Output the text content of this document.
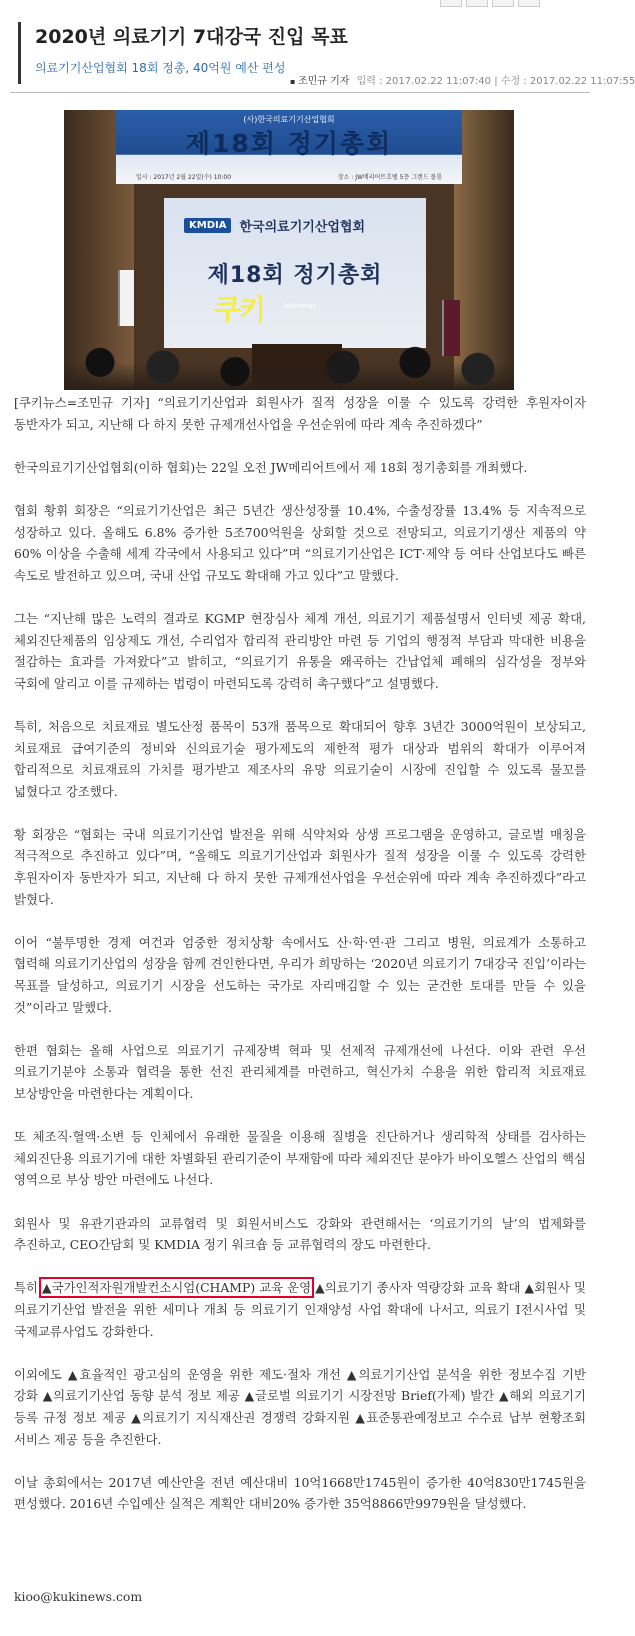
2020년 의료기기 7대강국 진입 목표
의료기기산업협회 18회 정총, 40억원 예산 편성
▪ 조민규 기자 입력 : 2017.02.22 11:07:40 | 수정 : 2017.02.22 11:07:55
(사)한국의료기기산업협회
제18회 정기총회
일시 : 2017년 2월 22일(수) 10:00	장소 : JW메리어트호텔 5층 그랜드 볼룸
KMDIA	한국의료기기산업협회
제18회 정기총회
쿠키	kukinews

[쿠키뉴스=조민규 기자] “의료기기산업과 회원사가 질적 성장을 이룰 수 있도록 강력한 후원자이자 동반자가 되고, 지난해 다 하지 못한 규제개선사업을 우선순위에 따라 계속 추진하겠다”

한국의료기기산업협회(이하 협회)는 22일 오전 JW메리어트에서 제 18회 정기총회를 개최했다.

협회 황휘 회장은 “의료기기산업은 최근 5년간 생산성장률 10.4%, 수출성장률 13.4% 등 지속적으로 성장하고 있다. 올해도 6.8% 증가한 5조700억원을 상회할 것으로 전망되고, 의료기기생산 제품의 약 60% 이상을 수출해 세계 각국에서 사용되고 있다”며 “의료기기산업은 ICT·제약 등 여타 산업보다도 빠른 속도로 발전하고 있으며, 국내 산업 규모도 확대해 가고 있다”고 말했다.

그는 “지난해 많은 노력의 결과로 KGMP 현장심사 체계 개선, 의료기기 제품설명서 인터넷 제공 확대, 체외진단제품의 임상제도 개선, 수리업자 합리적 관리방안 마련 등 기업의 행정적 부담과 막대한 비용을 절감하는 효과를 가져왔다”고 밝히고, “의료기기 유통을 왜곡하는 간납업체 폐해의 심각성을 정부와 국회에 알리고 이를 규제하는 법령이 마련되도록 강력히 촉구했다”고 설명했다.

특히, 처음으로 치료재료 별도산정 품목이 53개 품목으로 확대되어 향후 3년간 3000억원이 보상되고, 치료재료 급여기준의 정비와 신의료기술 평가제도의 제한적 평가 대상과 범위의 확대가 이루어져 합리적으로 치료재료의 가치를 평가받고 제조사의 유망 의료기술이 시장에 진입할 수 있도록 물꼬를 넓혔다고 강조했다.

황 회장은 “협회는 국내 의료기기산업 발전을 위해 식약처와 상생 프로그램을 운영하고, 글로벌 매칭을 적극적으로 추진하고 있다”며, “올해도 의료기기산업과 회원사가 질적 성장을 이룰 수 있도록 강력한 후원자이자 동반자가 되고, 지난해 다 하지 못한 규제개선사업을 우선순위에 따라 계속 추진하겠다”라고 밝혔다.

이어 “불투명한 경제 여건과 엄중한 정치상황 속에서도 산·학·연·관 그리고 병원, 의료계가 소통하고 협력해 의료기기산업의 성장을 함께 견인한다면, 우리가 희망하는 ‘2020년 의료기기 7대강국 진입’이라는 목표를 달성하고, 의료기기 시장을 선도하는 국가로 자리매김할 수 있는 굳건한 토대를 만들 수 있을 것”이라고 말했다.

한편 협회는 올해 사업으로 의료기기 규제장벽 혁파 및 선제적 규제개선에 나선다. 이와 관련 우선 의료기기분야 소통과 협력을 통한 선진 관리체계를 마련하고, 혁신가치 수용을 위한 합리적 치료재료 보상방안을 마련한다는 계획이다.

또 체조직·혈액·소변 등 인체에서 유래한 물질을 이용해 질병을 진단하거나 생리학적 상태를 검사하는 체외진단용 의료기기에 대한 차별화된 관리기준이 부재함에 따라 체외진단 분야가 바이오헬스 산업의 핵심 영역으로 부상 방안 마련에도 나선다.

회원사 및 유관기관과의 교류협력 및 회원서비스도 강화와 관련해서는 ‘의료기기의 날’의 법제화를 추진하고, CEO간담회 및 KMDIA 정기 워크숍 등 교류협력의 장도 마련한다.

특히 ▲국가인적자원개발컨소시엄(CHAMP) 교육 운영 ▲의료기기 종사자 역량강화 교육 확대 ▲회원사 및 의료기기산업 발전을 위한 세미나 개최 등 의료기기 인재양성 사업 확대에 나서고, 의료기 I전시사업 및 국제교류사업도 강화한다.

이외에도 ▲효율적인 광고심의 운영을 위한 제도·절차 개선 ▲의료기기산업 분석을 위한 정보수집 기반 강화 ▲의료기기산업 동향 분석 정보 제공 ▲글로벌 의료기기 시장전망 Brief(가제) 발간 ▲해외 의료기기 등록 규정 정보 제공 ▲의료기기 지식재산권 경쟁력 강화지원 ▲표준통관예정보고 수수료 납부 현황조회 서비스 제공 등을 추진한다.

이날 총회에서는 2017년 예산안을 전년 예산대비 10억1668만1745원이 증가한 40억830만1745원을 편성했다. 2016년 수입예산 실적은 계획안 대비20% 증가한 35억8866만9979원을 달성했다.

kioo@kukinews.com
